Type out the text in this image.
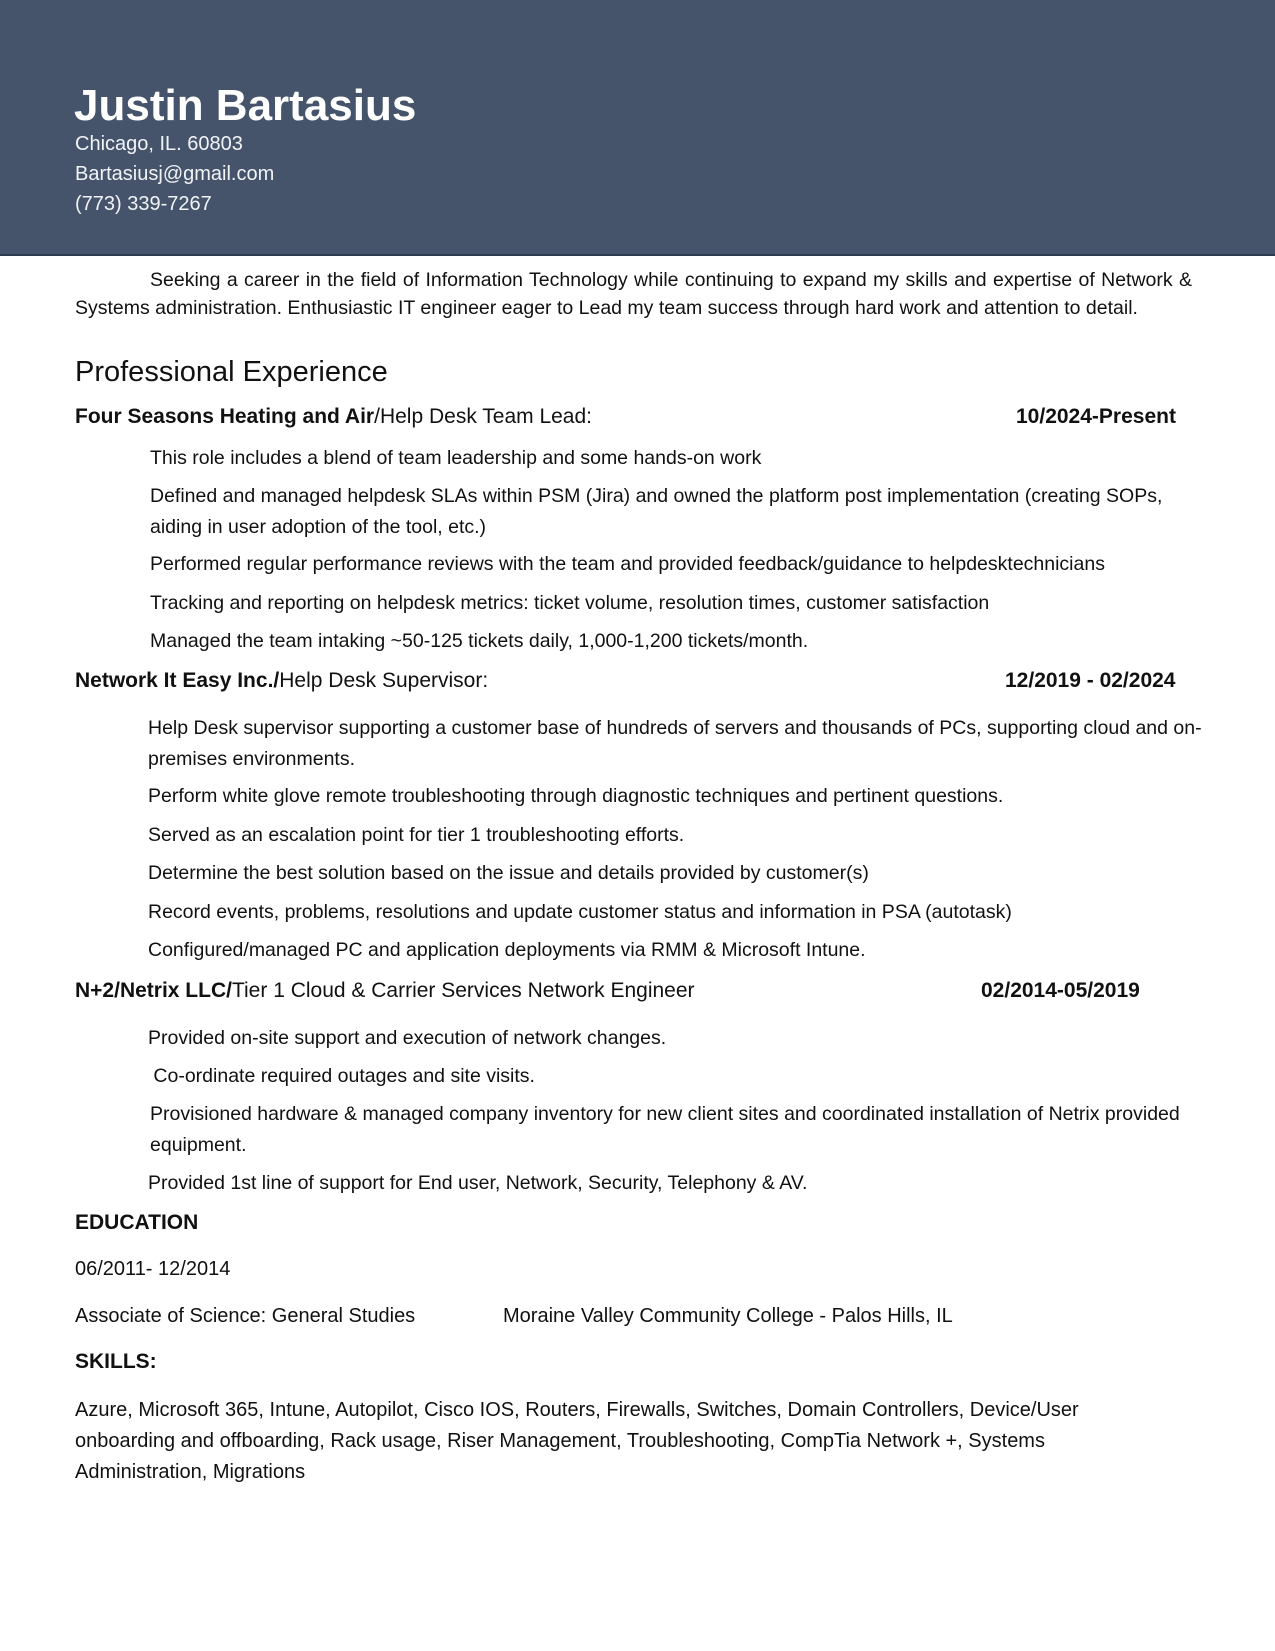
Justin Bartasius
Chicago, IL. 60803
Bartasiusj@gmail.com
(773) 339-7267
Seeking a career in the field of Information Technology while continuing to expand my skills and expertise of Network & Systems administration. Enthusiastic IT engineer eager to Lead my team success through hard work and attention to detail.
Professional Experience
Four Seasons Heating and Air/Help Desk Team Lead:	10/2024-Present
This role includes a blend of team leadership and some hands-on work
Defined and managed helpdesk SLAs within PSM (Jira) and owned the platform post implementation (creating SOPs, aiding in user adoption of the tool, etc.)
Performed regular performance reviews with the team and provided feedback/guidance to helpdesktechnicians
Tracking and reporting on helpdesk metrics: ticket volume, resolution times, customer satisfaction
Managed the team intaking ~50-125 tickets daily, 1,000-1,200 tickets/month.
Network It Easy Inc./Help Desk Supervisor:	12/2019 - 02/2024
Help Desk supervisor supporting a customer base of hundreds of servers and thousands of PCs, supporting cloud and on-premises environments.
Perform white glove remote troubleshooting through diagnostic techniques and pertinent questions.
Served as an escalation point for tier 1 troubleshooting efforts.
Determine the best solution based on the issue and details provided by customer(s)
Record events, problems, resolutions and update customer status and information in PSA (autotask)
Configured/managed PC and application deployments via RMM & Microsoft Intune.
N+2/Netrix LLC/Tier 1 Cloud & Carrier Services Network Engineer	02/2014-05/2019
Provided on-site support and execution of network changes.
Co-ordinate required outages and site visits.
Provisioned hardware & managed company inventory for new client sites and coordinated installation of Netrix provided equipment.
Provided 1st line of support for End user, Network, Security, Telephony & AV.
EDUCATION
06/2011- 12/2014
Associate of Science: General Studies	Moraine Valley Community College - Palos Hills, IL
SKILLS:
Azure, Microsoft 365, Intune, Autopilot, Cisco IOS, Routers, Firewalls, Switches, Domain Controllers, Device/User onboarding and offboarding, Rack usage, Riser Management, Troubleshooting, CompTia Network +, Systems Administration, Migrations
